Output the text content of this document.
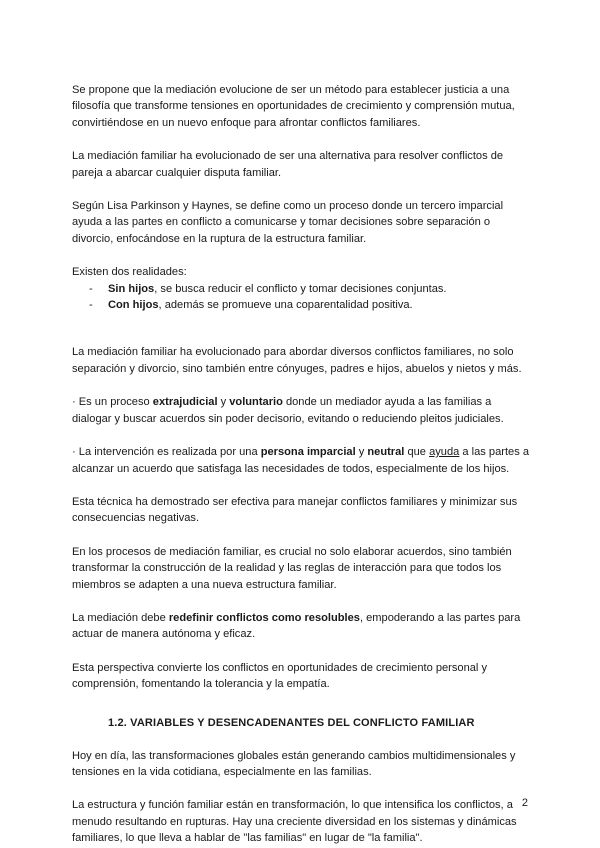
Se propone que la mediación evolucione de ser un método para establecer justicia a una filosofía que transforme tensiones en oportunidades de crecimiento y comprensión mutua, convirtiéndose en un nuevo enfoque para afrontar conflictos familiares.

La mediación familiar ha evolucionado de ser una alternativa para resolver conflictos de pareja a abarcar cualquier disputa familiar.

Según Lisa Parkinson y Haynes, se define como un proceso donde un tercero imparcial ayuda a las partes en conflicto a comunicarse y tomar decisiones sobre separación o divorcio, enfocándose en la ruptura de la estructura familiar.

Existen dos realidades:

- Sin hijos, se busca reducir el conflicto y tomar decisiones conjuntas.
- Con hijos, además se promueve una coparentalidad positiva.

La mediación familiar ha evolucionado para abordar diversos conflictos familiares, no solo separación y divorcio, sino también entre cónyuges, padres e hijos, abuelos y nietos y más.

· Es un proceso extrajudicial y voluntario donde un mediador ayuda a las familias a dialogar y buscar acuerdos sin poder decisorio, evitando o reduciendo pleitos judiciales.

· La intervención es realizada por una persona imparcial y neutral que ayuda a las partes a alcanzar un acuerdo que satisfaga las necesidades de todos, especialmente de los hijos.

Esta técnica ha demostrado ser efectiva para manejar conflictos familiares y minimizar sus consecuencias negativas.

En los procesos de mediación familiar, es crucial no solo elaborar acuerdos, sino también transformar la construcción de la realidad y las reglas de interacción para que todos los miembros se adapten a una nueva estructura familiar.

La mediación debe redefinir conflictos como resolubles, empoderando a las partes para actuar de manera autónoma y eficaz.

Esta perspectiva convierte los conflictos en oportunidades de crecimiento personal y comprensión, fomentando la tolerancia y la empatía.

1.2. VARIABLES Y DESENCADENANTES DEL CONFLICTO FAMILIAR

Hoy en día, las transformaciones globales están generando cambios multidimensionales y tensiones en la vida cotidiana, especialmente en las familias.

La estructura y función familiar están en transformación, lo que intensifica los conflictos, a menudo resultando en rupturas. Hay una creciente diversidad en los sistemas y dinámicas familiares, lo que lleva a hablar de "las familias" en lugar de "la familia".

2
